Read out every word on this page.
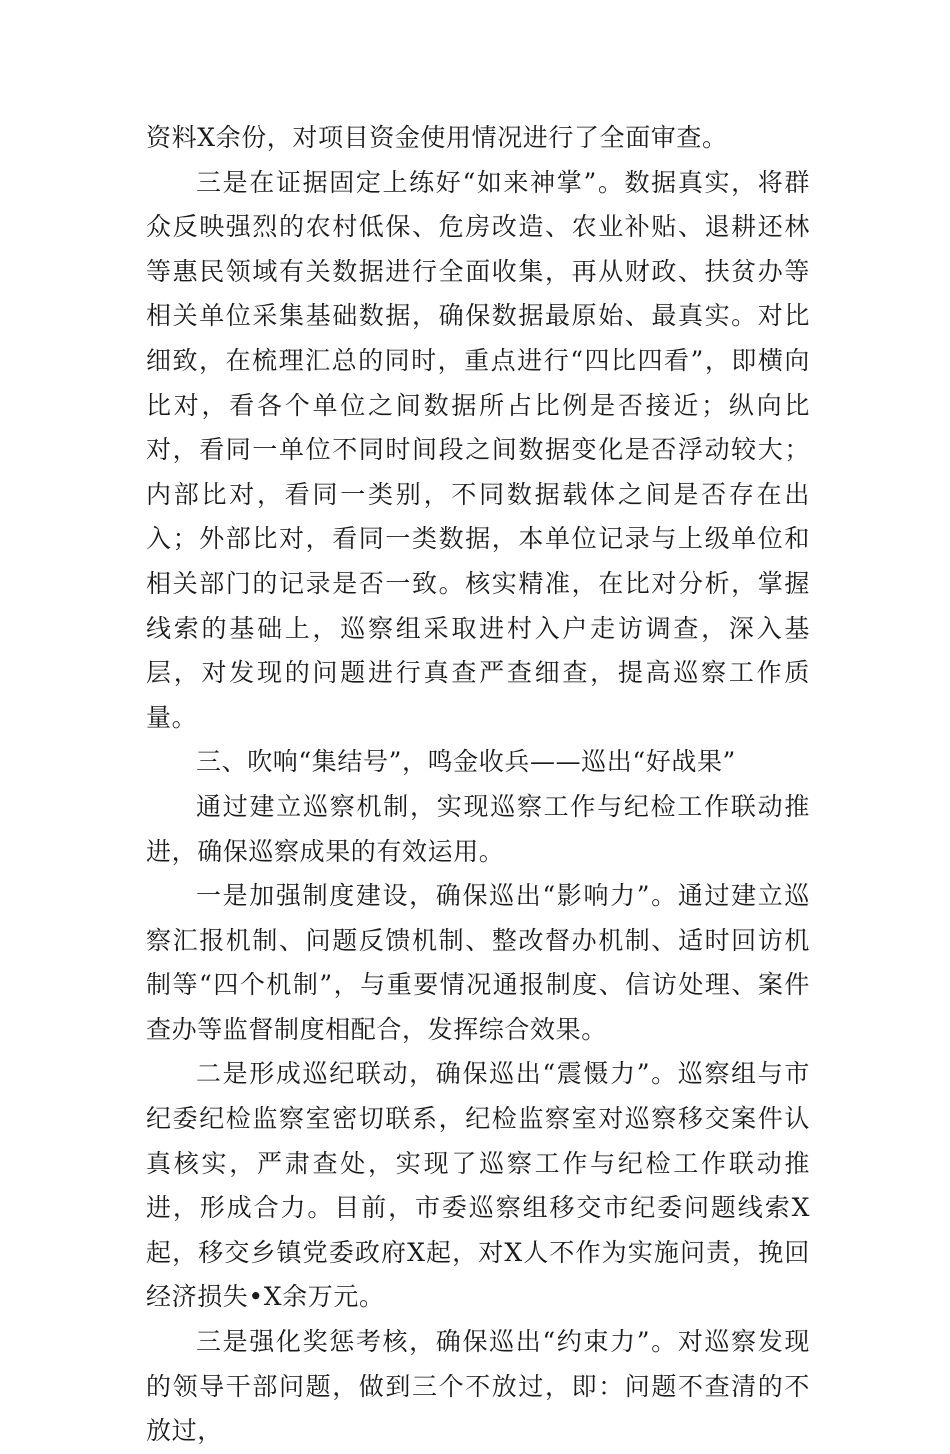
资料X余份，对项目资金使用情况进行了全面审查。

三是在证据固定上练好“如来神掌”。数据真实，将群众反映强烈的农村低保、危房改造、农业补贴、退耕还林等惠民领域有关数据进行全面收集，再从财政、扶贫办等相关单位采集基础数据，确保数据最原始、最真实。对比细致，在梳理汇总的同时，重点进行“四比四看”，即横向比对，看各个单位之间数据所占比例是否接近；纵向比对，看同一单位不同时间段之间数据变化是否浮动较大；内部比对，看同一类别，不同数据载体之间是否存在出入；外部比对，看同一类数据，本单位记录与上级单位和相关部门的记录是否一致。核实精准，在比对分析，掌握线索的基础上，巡察组采取进村入户走访调查，深入基层，对发现的问题进行真查严查细查，提高巡察工作质量。

三、吹响“集结号”，鸣金收兵——巡出“好战果”

通过建立巡察机制，实现巡察工作与纪检工作联动推进，确保巡察成果的有效运用。

一是加强制度建设，确保巡出“影响力”。通过建立巡察汇报机制、问题反馈机制、整改督办机制、适时回访机制等“四个机制”，与重要情况通报制度、信访处理、案件查办等监督制度相配合，发挥综合效果。

二是形成巡纪联动，确保巡出“震慑力”。巡察组与市纪委纪检监察室密切联系，纪检监察室对巡察移交案件认真核实，严肃查处，实现了巡察工作与纪检工作联动推进，形成合力。目前，市委巡察组移交市纪委问题线索X起，移交乡镇党委政府X起，对X人不作为实施问责，挽回经济损失•X余万元。

三是强化奖惩考核，确保巡出“约束力”。对巡察发现的领导干部问题，做到三个不放过，即：问题不查清的不放过，
